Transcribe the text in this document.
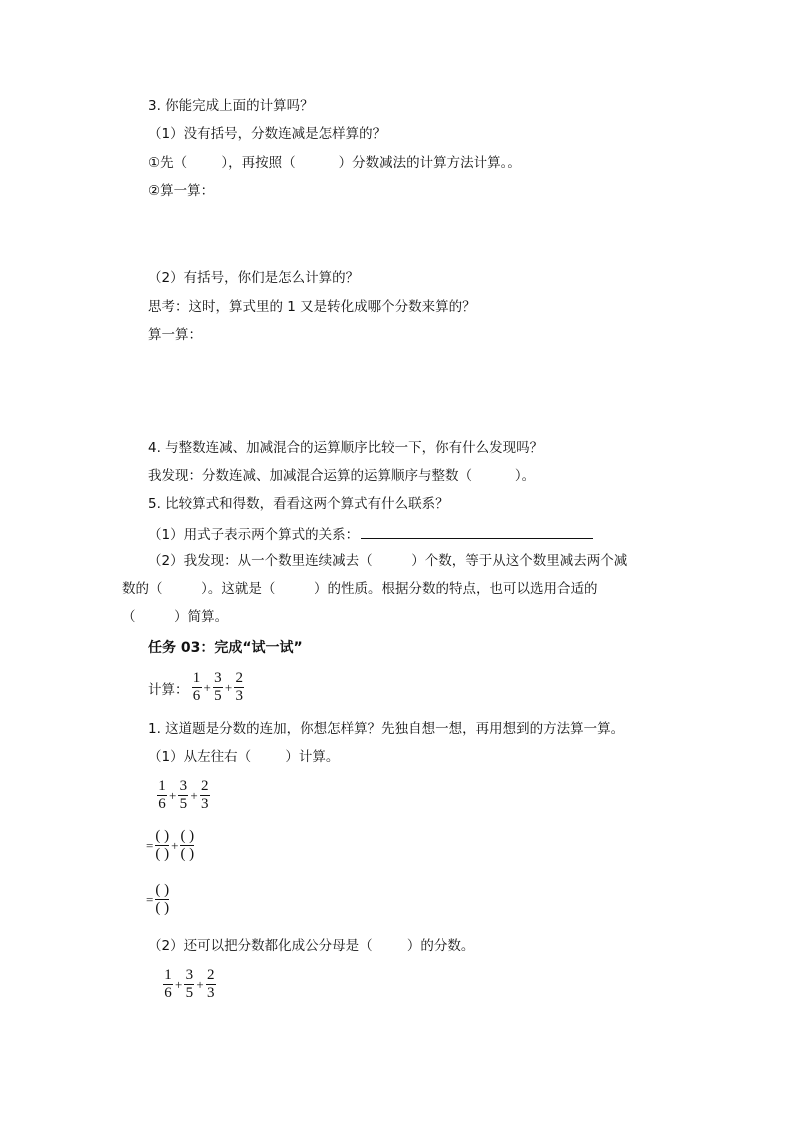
3. 你能完成上面的计算吗？
（1）没有括号，分数连减是怎样算的？
①先（        ），再按照（          ）分数减法的计算方法计算。。
②算一算：
（2）有括号，你们是怎么计算的？
思考：这时，算式里的 1 又是转化成哪个分数来算的？
算一算：
4. 与整数连减、加减混合的运算顺序比较一下，你有什么发现吗？
我发现：分数连减、加减混合运算的运算顺序与整数（          ）。
5. 比较算式和得数，看看这两个算式有什么联系？
（1）用式子表示两个算式的关系：
（2）我发现：从一个数里连续减去（         ）个数，等于从这个数里减去两个减
数的（         ）。这就是（         ）的性质。根据分数的特点，也可以选用合适的
（         ）简算。
任务 03：完成“试一试”
计算： $\frac{1}{6} + \frac{3}{5} + \frac{2}{3}$
1. 这道题是分数的连加，你想怎样算？先独自想一想，再用想到的方法算一算。
（1）从左往右（        ）计算。
$\frac{1}{6} + \frac{3}{5} + \frac{2}{3}$
= $\frac{( )}{( )} + \frac{( )}{( )}$
= $\frac{( )}{( )}$
（2）还可以把分数都化成公分母是（        ）的分数。
$\frac{1}{6} + \frac{3}{5} + \frac{2}{3}$
